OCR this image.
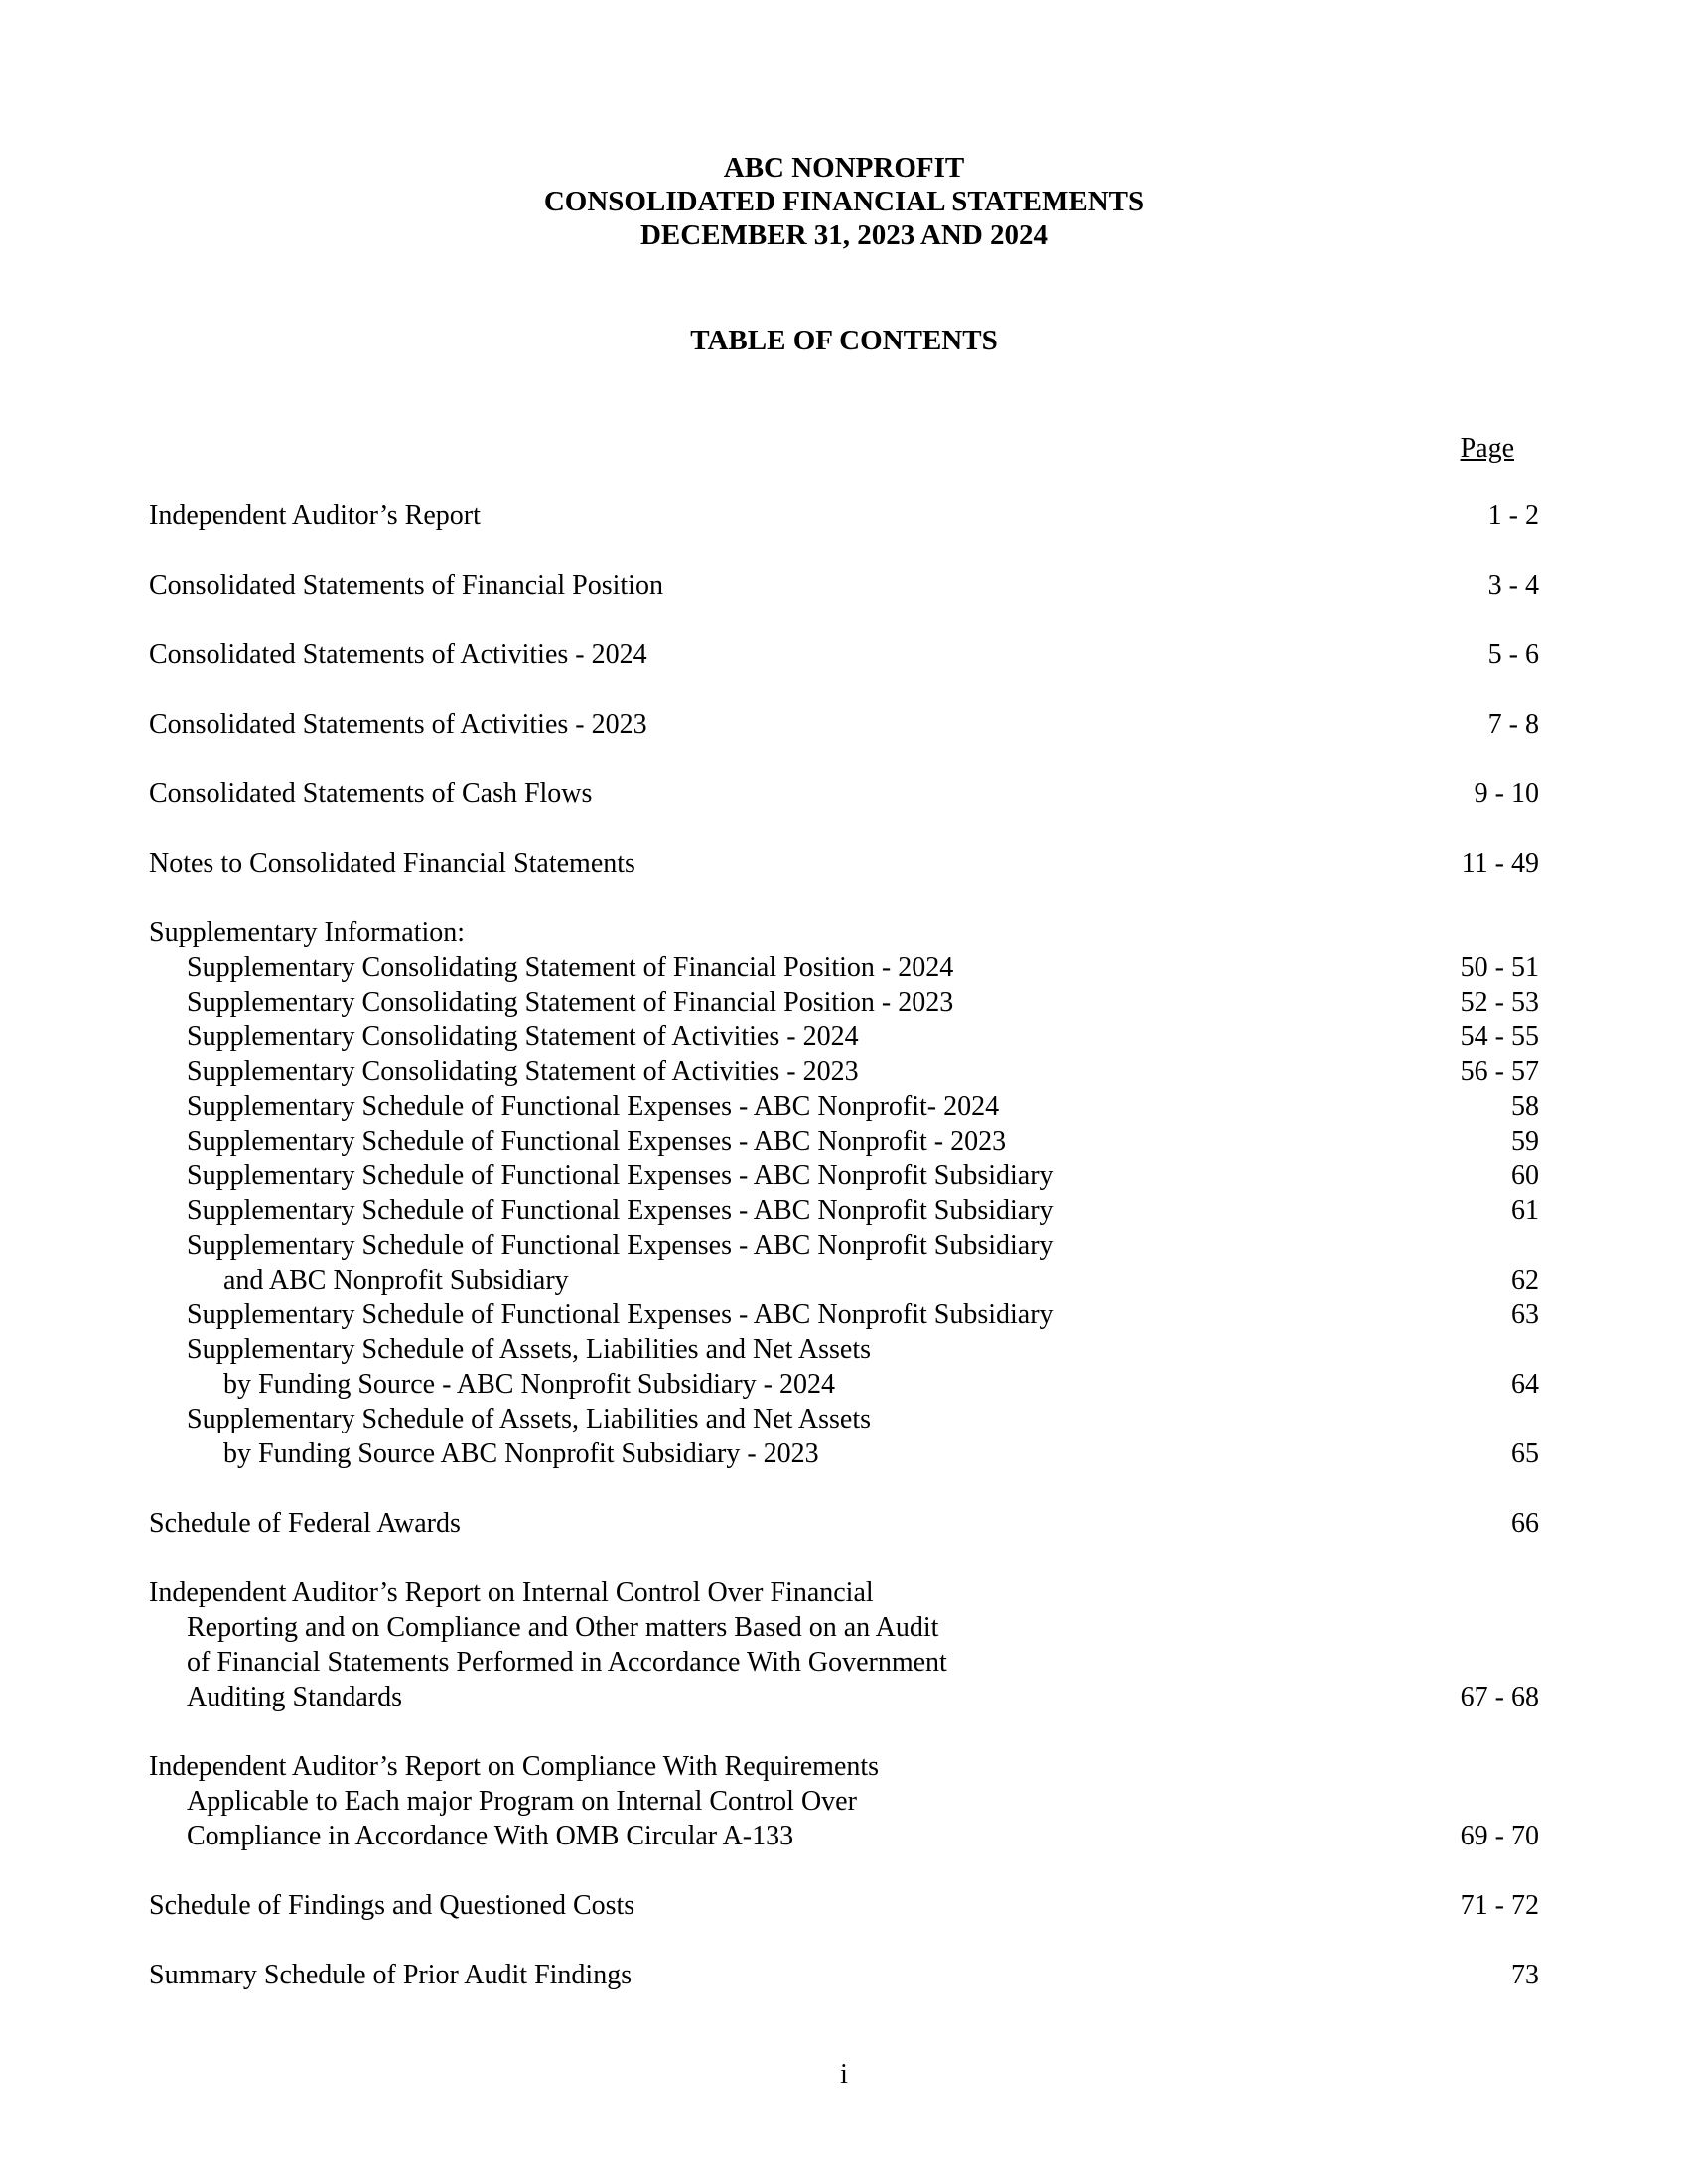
ABC NONPROFIT
CONSOLIDATED FINANCIAL STATEMENTS
DECEMBER 31, 2023 AND 2024
TABLE OF CONTENTS
Page
Independent Auditor’s Report	1 - 2
Consolidated Statements of Financial Position	3 - 4
Consolidated Statements of Activities - 2024	5 - 6
Consolidated Statements of Activities - 2023	7 - 8
Consolidated Statements of Cash Flows	9 - 10
Notes to Consolidated Financial Statements	11 - 49
Supplementary Information:
Supplementary Consolidating Statement of Financial Position - 2024	50 - 51
Supplementary Consolidating Statement of Financial Position - 2023	52 - 53
Supplementary Consolidating Statement of Activities - 2024	54 - 55
Supplementary Consolidating Statement of Activities - 2023	56 - 57
Supplementary Schedule of Functional Expenses - ABC Nonprofit- 2024	58
Supplementary Schedule of Functional Expenses - ABC Nonprofit - 2023	59
Supplementary Schedule of Functional Expenses - ABC Nonprofit Subsidiary	60
Supplementary Schedule of Functional Expenses - ABC Nonprofit Subsidiary	61
Supplementary Schedule of Functional Expenses - ABC Nonprofit Subsidiary
and ABC Nonprofit Subsidiary	62
Supplementary Schedule of Functional Expenses - ABC Nonprofit Subsidiary	63
Supplementary Schedule of Assets, Liabilities and Net Assets
by Funding Source - ABC Nonprofit Subsidiary - 2024	64
Supplementary Schedule of Assets, Liabilities and Net Assets
by Funding Source ABC Nonprofit Subsidiary - 2023	65
Schedule of Federal Awards	66
Independent Auditor’s Report on Internal Control Over Financial
Reporting and on Compliance and Other matters Based on an Audit
of Financial Statements Performed in Accordance With Government
Auditing Standards	67 - 68
Independent Auditor’s Report on Compliance With Requirements
Applicable to Each major Program on Internal Control Over
Compliance in Accordance With OMB Circular A-133	69 - 70
Schedule of Findings and Questioned Costs	71 - 72
Summary Schedule of Prior Audit Findings	73
i
